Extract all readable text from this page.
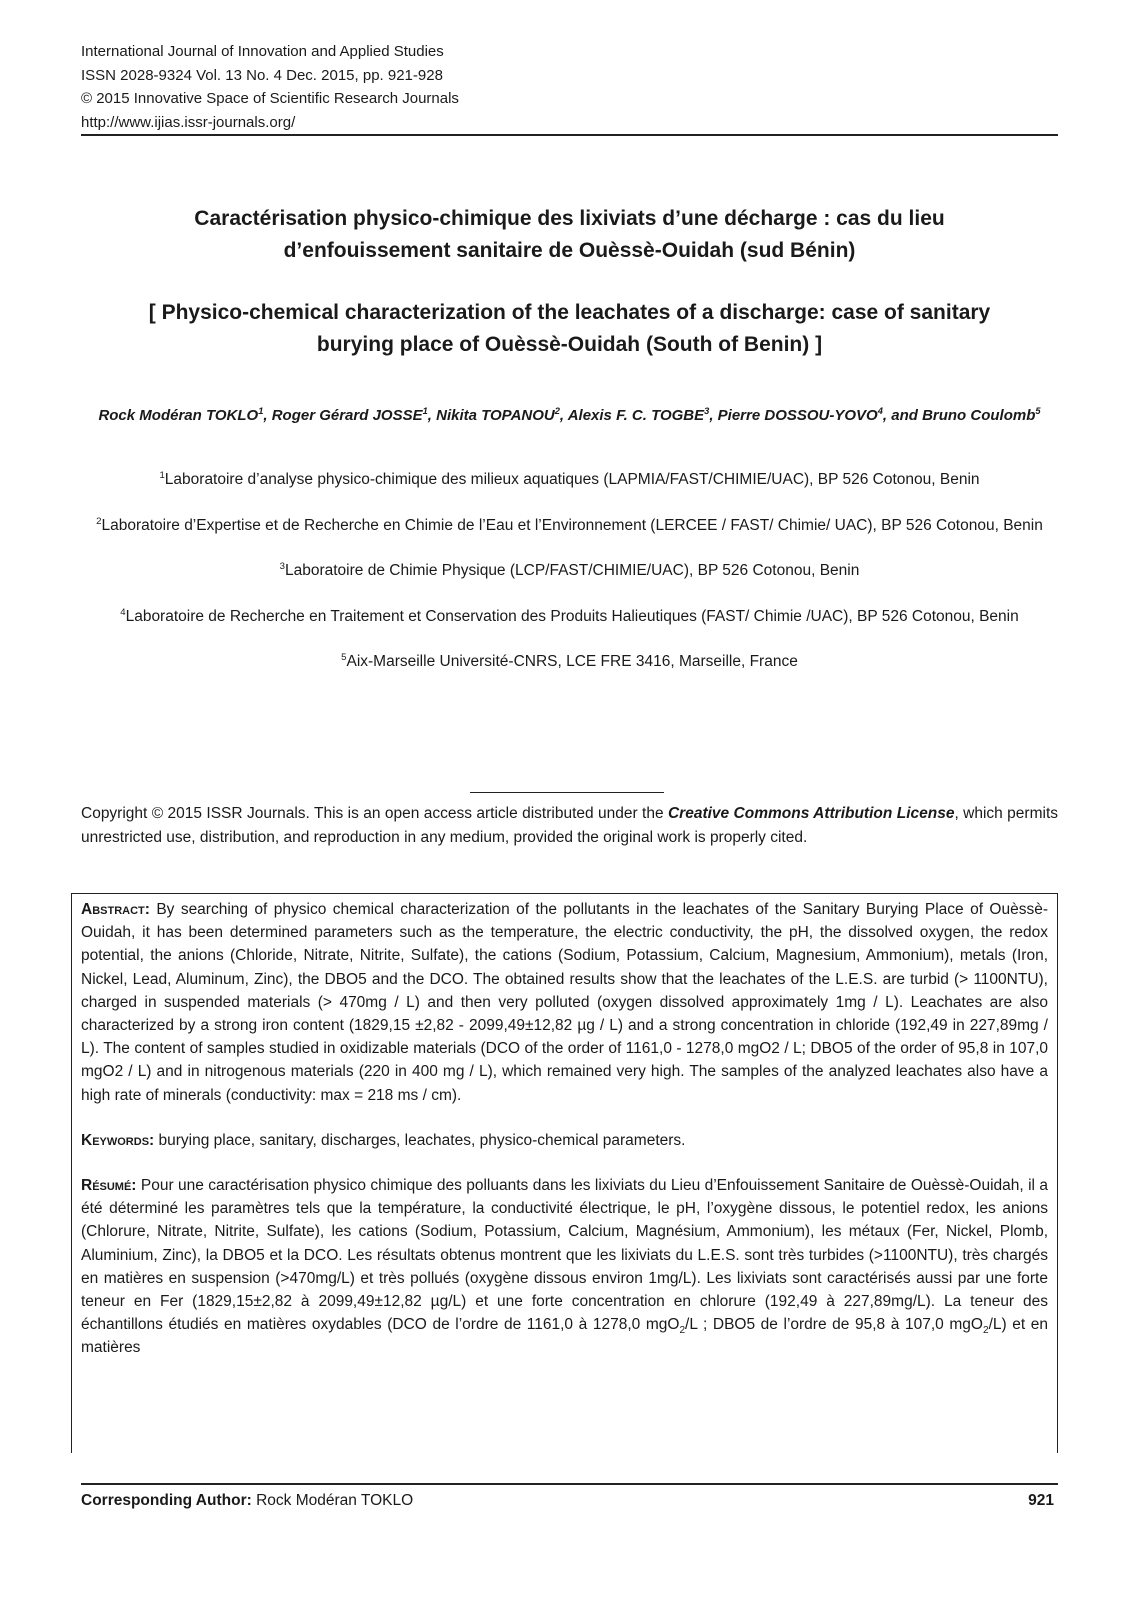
International Journal of Innovation and Applied Studies
ISSN 2028-9324 Vol. 13 No. 4 Dec. 2015, pp. 921-928
© 2015 Innovative Space of Scientific Research Journals
http://www.ijias.issr-journals.org/
Caractérisation physico-chimique des lixiviats d’une décharge : cas du lieu
d’enfouissement sanitaire de Ouèssè-Ouidah (sud Bénin)
[ Physico-chemical characterization of the leachates of a discharge: case of sanitary
burying place of Ouèssè-Ouidah (South of Benin) ]
Rock Modéran TOKLO$^1$, Roger Gérard JOSSE$^1$, Nikita TOPANOU$^2$, Alexis F. C. TOGBE$^3$, Pierre DOSSOU-YOVO$^4$, and Bruno Coulomb$^5$
$^1$Laboratoire d’analyse physico-chimique des milieux aquatiques (LAPMIA/FAST/CHIMIE/UAC), BP 526 Cotonou, Benin
$^2$Laboratoire d’Expertise et de Recherche en Chimie de l’Eau et l’Environnement (LERCEE / FAST/ Chimie/ UAC), BP 526 Cotonou, Benin
$^3$Laboratoire de Chimie Physique (LCP/FAST/CHIMIE/UAC), BP 526 Cotonou, Benin
$^4$Laboratoire de Recherche en Traitement et Conservation des Produits Halieutiques (FAST/ Chimie /UAC), BP 526 Cotonou, Benin
$^5$Aix-Marseille Université-CNRS, LCE FRE 3416, Marseille, France
Copyright © 2015 ISSR Journals. This is an open access article distributed under the Creative Commons Attribution License, which permits unrestricted use, distribution, and reproduction in any medium, provided the original work is properly cited.

Abstract: By searching of physico chemical characterization of the pollutants in the leachates of the Sanitary Burying Place of Ouèssè-Ouidah, it has been determined parameters such as the temperature, the electric conductivity, the pH, the dissolved oxygen, the redox potential, the anions (Chloride, Nitrate, Nitrite, Sulfate), the cations (Sodium, Potassium, Calcium, Magnesium, Ammonium), metals (Iron, Nickel, Lead, Aluminum, Zinc), the DBO5 and the DCO. The obtained results show that the leachates of the L.E.S. are turbid (> 1100NTU), charged in suspended materials (> 470mg / L) and then very polluted (oxygen dissolved approximately 1mg / L). Leachates are also characterized by a strong iron content (1829,15 ±2,82 - 2099,49±12,82 µg / L) and a strong concentration in chloride (192,49 in 227,89mg / L). The content of samples studied in oxidizable materials (DCO of the order of 1161,0 - 1278,0 mgO2 / L; DBO5 of the order of 95,8 in 107,0 mgO2 / L) and in nitrogenous materials (220 in 400 mg / L), which remained very high. The samples of the analyzed leachates also have a high rate of minerals (conductivity: max = 218 ms / cm).

Keywords: burying place, sanitary, discharges, leachates, physico-chemical parameters.

Résumé: Pour une caractérisation physico chimique des polluants dans les lixiviats du Lieu d’Enfouissement Sanitaire de Ouèssè-Ouidah, il a été déterminé les paramètres tels que la température, la conductivité électrique, le pH, l’oxygène dissous, le potentiel redox, les anions (Chlorure, Nitrate, Nitrite, Sulfate), les cations (Sodium, Potassium, Calcium, Magnésium, Ammonium), les métaux (Fer, Nickel, Plomb, Aluminium, Zinc), la DBO5 et la DCO. Les résultats obtenus montrent que les lixiviats du L.E.S. sont très turbides (>1100NTU), très chargés en matières en suspension (>470mg/L) et très pollués (oxygène dissous environ 1mg/L). Les lixiviats sont caractérisés aussi par une forte teneur en Fer (1829,15±2,82 à 2099,49±12,82 µg/L) et une forte concentration en chlorure (192,49 à 227,89mg/L). La teneur des échantillons étudiés en matières oxydables (DCO de l’ordre de 1161,0 à 1278,0 mgO$_2$/L ; DBO5 de l’ordre de 95,8 à 107,0 mgO$_2$/L) et en matières

Corresponding Author: Rock Modéran TOKLO	921
